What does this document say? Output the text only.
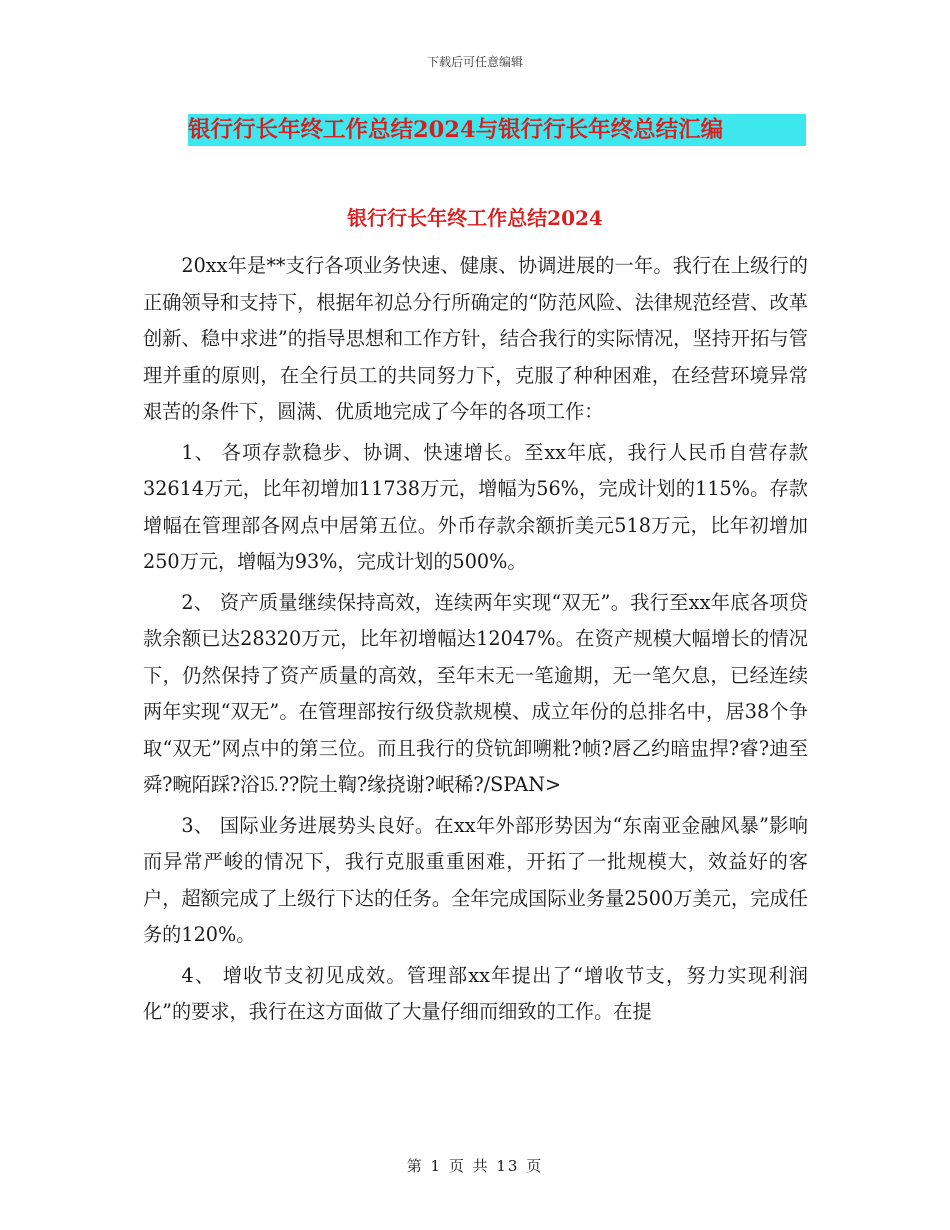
下载后可任意编辑
银行行长年终工作总结2024与银行行长年终总结汇编
银行行长年终工作总结2024

20xx年是**支行各项业务快速、健康、协调进展的一年。我行在上级行的正确领导和支持下，根据年初总分行所确定的“防范风险、法律规范经营、改革创新、稳中求进”的指导思想和工作方针，结合我行的实际情况，坚持开拓与管理并重的原则，在全行员工的共同努力下，克服了种种困难，在经营环境异常艰苦的条件下，圆满、优质地完成了今年的各项工作：

1、 各项存款稳步、协调、快速增长。至xx年底，我行人民币自营存款32614万元，比年初增加11738万元，增幅为56%，完成计划的115%。存款增幅在管理部各网点中居第五位。外币存款余额折美元518万元，比年初增加250万元，增幅为93%，完成计划的500%。

2、 资产质量继续保持高效，连续两年实现“双无”。我行至xx年底各项贷款余额已达28320万元，比年初增幅达12047%。在资产规模大幅增长的情况下，仍然保持了资产质量的高效，至年末无一笔逾期，无一笔欠息，已经连续两年实现“双无”。在管理部按行级贷款规模、成立年份的总排名中，居38个争取“双无”网点中的第三位。而且我行的贷钪卸嗍粃?帧?唇乙约暗盅捍?睿?迪至舜?畹陌踩?浴⒖??院土鞫?缘挠谢?岷稀?/SPAN>

3、 国际业务进展势头良好。在xx年外部形势因为“东南亚金融风暴”影响而异常严峻的情况下，我行克服重重困难，开拓了一批规模大，效益好的客户，超额完成了上级行下达的任务。全年完成国际业务量2500万美元，完成任务的120%。

4、 增收节支初见成效。管理部xx年提出了“增收节支，努力实现利润化”的要求，我行在这方面做了大量仔细而细致的工作。在提

第 1 页 共 13 页
